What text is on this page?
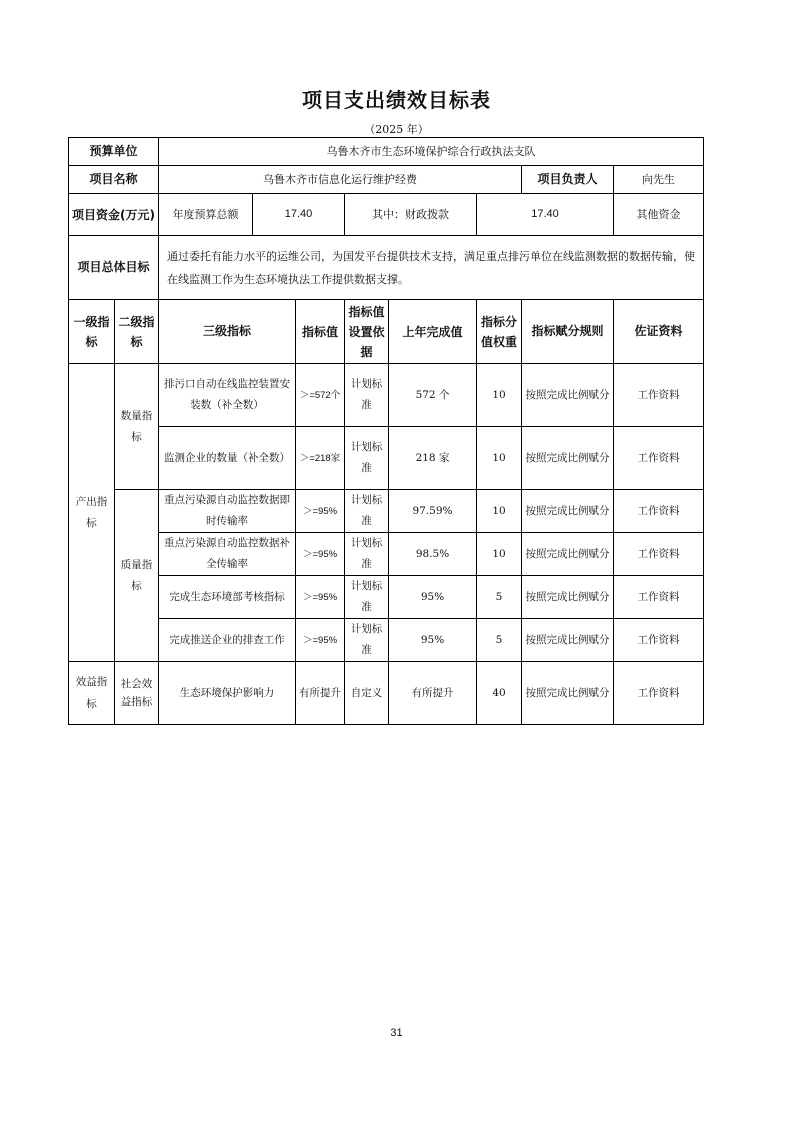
项目支出绩效目标表
（2025 年）
预算单位		乌鲁木齐市生态环境保护综合行政执法支队								
项目名称		乌鲁木齐市信息化运行维护经费						项目负责人	向先生	
项目资金(万元)		年度预算总额	17.40		其中：财政拨款		17.40		其他资金	
项目总体目标		通过委托有能力水平的运维公司，为国发平台提供技术支持，满足重点排污单位在线监测数据的数据传输，使在线监测工作为生态环境执法工作提供数据支撑。								
一级指标	二级指标	三级指标		指标值	指标值设置依据	上年完成值	指标分值权重	指标赋分规则	佐证资料	
产出指标	数量指标	排污口自动在线监控装置安装数（补全数）		＞=572个	计划标准	572 个	10	按照完成比例赋分	工作资料	
		监测企业的数量（补全数）		＞=218家	计划标准	218 家	10	按照完成比例赋分	工作资料	
	质量指标	重点污染源自动监控数据即时传输率		＞=95%	计划标准	97.59%	10	按照完成比例赋分	工作资料	
		重点污染源自动监控数据补全传输率		＞=95%	计划标准	98.5%	10	按照完成比例赋分	工作资料	
		完成生态环境部考核指标		＞=95%	计划标准	95%	5	按照完成比例赋分	工作资料	
		完成推送企业的排查工作		＞=95%	计划标准	95%	5	按照完成比例赋分	工作资料	
效益指标	社会效益指标	生态环境保护影响力		有所提升	自定义	有所提升	40	按照完成比例赋分	工作资料	
31
